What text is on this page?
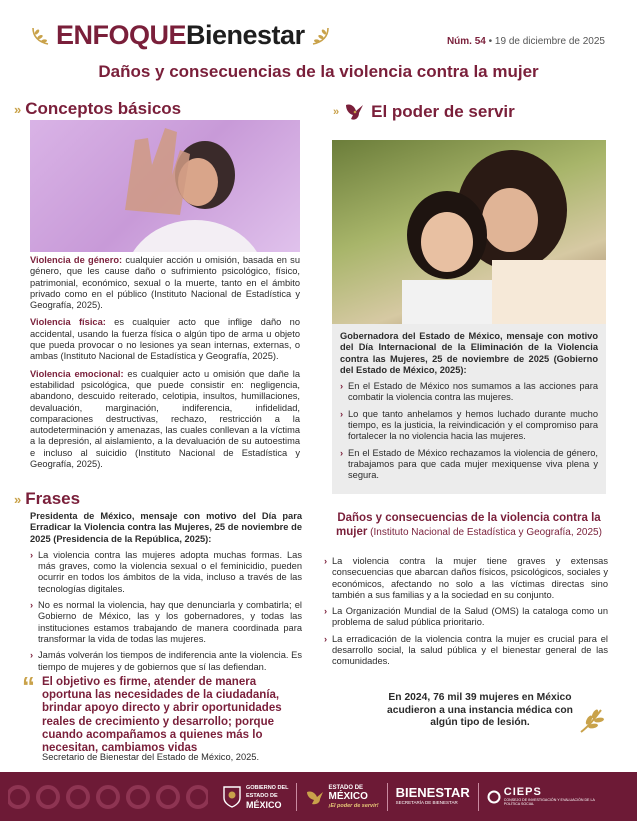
ENFOQUEBienestar	Núm. 54 • 19 de diciembre de 2025
Daños y consecuencias de la violencia contra la mujer
» Conceptos básicos

Violencia de género: cualquier acción u omisión, basada en su género, que les cause daño o sufrimiento psicológico, físico, patrimonial, económico, sexual o la muerte, tanto en el ámbito privado como en el público (Instituto Nacional de Estadística y Geografía, 2025).

Violencia física: es cualquier acto que inflige daño no accidental, usando la fuerza física o algún tipo de arma u objeto que pueda provocar o no lesiones ya sean internas, externas, o ambas (Instituto Nacional de Estadística y Geografía, 2025).

Violencia emocional: es cualquier acto u omisión que dañe la estabilidad psicológica, que puede consistir en: negligencia, abandono, descuido reiterado, celotipia, insultos, humillaciones, devaluación, marginación, indiferencia, infidelidad, comparaciones destructivas, rechazo, restricción a la autodeterminación y amenazas, las cuales conllevan a la víctima a la depresión, al aislamiento, a la devaluación de su autoestima e incluso al suicidio (Instituto Nacional de Estadística y Geografía, 2025).

» Frases

Presidenta de México, mensaje con motivo del Día para Erradicar la Violencia contra las Mujeres, 25 de noviembre de 2025 (Presidencia de la República, 2025):

› La violencia contra las mujeres adopta muchas formas. Las más graves, como la violencia sexual o el feminicidio, pueden ocurrir en todos los ámbitos de la vida, incluso a través de las tecnologías digitales.
› No es normal la violencia, hay que denunciarla y combatirla; el Gobierno de México, las y los gobernadores, y todas las instituciones estamos trabajando de manera coordinada para transformar la vida de todas las mujeres.
› Jamás volverán los tiempos de indiferencia ante la violencia. Es tiempo de mujeres y de gobiernos que sí las defiendan.
“ El objetivo es firme, atender de manera oportuna las necesidades de la ciudadanía, brindar apoyo directo y abrir oportunidades reales de crecimiento y desarrollo; porque cuando acompañamos a quienes más lo necesitan, cambiamos vidas
Secretario de Bienestar del Estado de México, 2025.
» El poder de servir

Gobernadora del Estado de México, mensaje con motivo del Día Internacional de la Eliminación de la Violencia contra las Mujeres, 25 de noviembre de 2025 (Gobierno del Estado de México, 2025):

› En el Estado de México nos sumamos a las acciones para combatir la violencia contra las mujeres.
› Lo que tanto anhelamos y hemos luchado durante mucho tiempo, es la justicia, la reivindicación y el compromiso para fortalecer la no violencia hacia las mujeres.
› En el Estado de México rechazamos la violencia de género, trabajamos para que cada mujer mexiquense viva plena y segura.
Daños y consecuencias de la violencia contra la mujer (Instituto Nacional de Estadística y Geografía, 2025)
› La violencia contra la mujer tiene graves y extensas consecuencias que abarcan daños físicos, psicológicos, sociales y económicos, afectando no solo a las víctimas directas sino también a sus familias y a la sociedad en su conjunto.
› La Organización Mundial de la Salud (OMS) la cataloga como un problema de salud pública prioritario.
› La erradicación de la violencia contra la mujer es crucial para el desarrollo social, la salud pública y el bienestar general de las comunidades.

En 2024, 76 mil 39 mujeres en México acudieron a una instancia médica con algún tipo de lesión.

GOBIERNO DEL
ESTADO DE
MÉXICO
ESTADO DE
MÉXICO
¡El poder de servir!
BIENESTAR
SECRETARÍA DE BIENESTAR
CIEPS
CONSEJO DE INVESTIGACIÓN Y EVALUACIÓN DE LA POLÍTICA SOCIAL
